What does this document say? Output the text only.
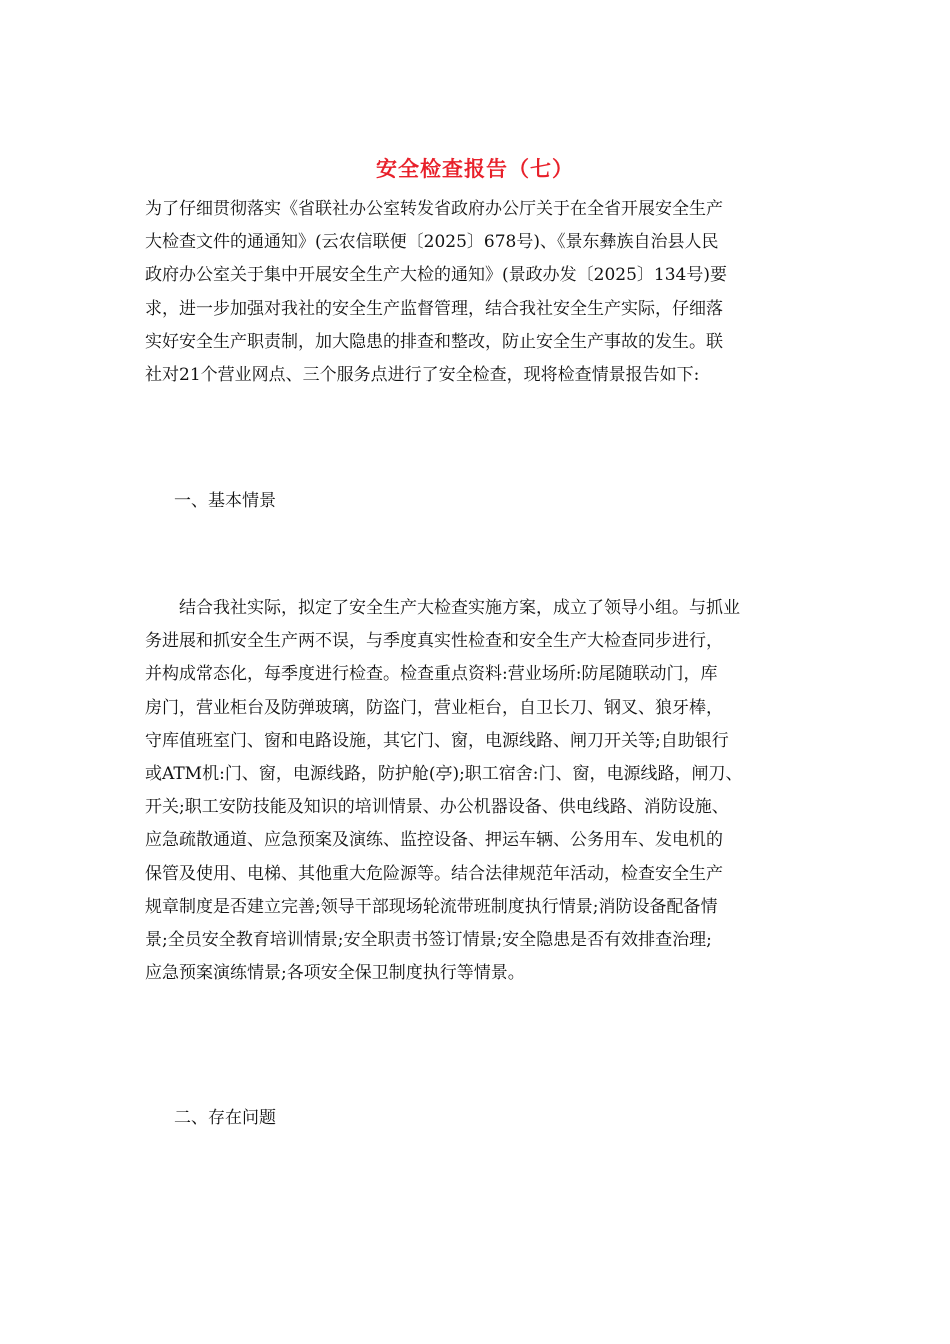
安全检查报告（七）
为了仔细贯彻落实《省联社办公室转发省政府办公厅关于在全省开展安全生产
大检查文件的通通知》(云农信联便〔2025〕678号)、《景东彝族自治县人民
政府办公室关于集中开展安全生产大检的通知》(景政办发〔2025〕134号)要
求，进一步加强对我社的安全生产监督管理，结合我社安全生产实际，仔细落
实好安全生产职责制，加大隐患的排查和整改，防止安全生产事故的发生。联
社对21个营业网点、三个服务点进行了安全检查，现将检查情景报告如下:
一、基本情景
　　结合我社实际，拟定了安全生产大检查实施方案，成立了领导小组。与抓业
务进展和抓安全生产两不误，与季度真实性检查和安全生产大检查同步进行，
并构成常态化，每季度进行检查。检查重点资料:营业场所:防尾随联动门，库
房门，营业柜台及防弹玻璃，防盗门，营业柜台，自卫长刀、钢叉、狼牙棒，
守库值班室门、窗和电路设施，其它门、窗，电源线路、闸刀开关等;自助银行
或ATM机:门、窗，电源线路，防护舱(亭);职工宿舍:门、窗，电源线路，闸刀、
开关;职工安防技能及知识的培训情景、办公机器设备、供电线路、消防设施、
应急疏散通道、应急预案及演练、监控设备、押运车辆、公务用车、发电机的
保管及使用、电梯、其他重大危险源等。结合法律规范年活动，检查安全生产
规章制度是否建立完善;领导干部现场轮流带班制度执行情景;消防设备配备情
景;全员安全教育培训情景;安全职责书签订情景;安全隐患是否有效排查治理;
应急预案演练情景;各项安全保卫制度执行等情景。
二、存在问题
